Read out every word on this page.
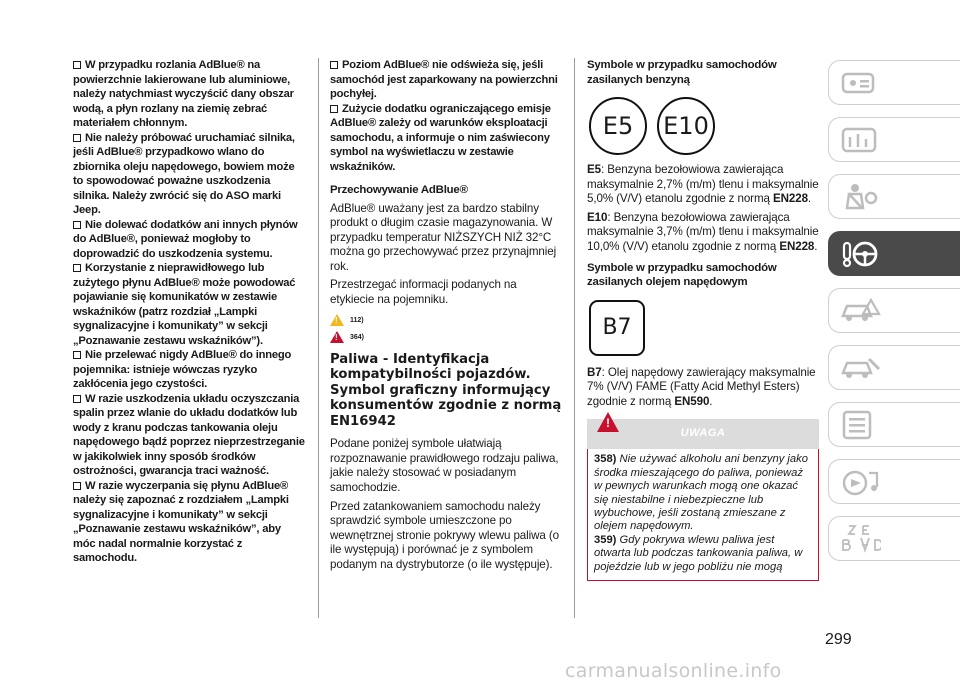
W przypadku rozlania AdBlue® na powierzchnie lakierowane lub aluminiowe, należy natychmiast wyczyścić dany obszar wodą, a płyn rozlany na ziemię zebrać materiałem chłonnym.
Nie należy próbować uruchamiać silnika, jeśli AdBlue® przypadkowo wlano do zbiornika oleju napędowego, bowiem może to spowodować poważne uszkodzenia silnika. Należy zwrócić się do ASO marki Jeep.
Nie dolewać dodatków ani innych płynów do AdBlue®, ponieważ mogłoby to doprowadzić do uszkodzenia systemu.
Korzystanie z nieprawidłowego lub zużytego płynu AdBlue® może powodować pojawianie się komunikatów w zestawie wskaźników (patrz rozdział „Lampki sygnalizacyjne i komunikaty” w sekcji „Poznawanie zestawu wskaźników”).
Nie przelewać nigdy AdBlue® do innego pojemnika: istnieje wówczas ryzyko zakłócenia jego czystości.
W razie uszkodzenia układu oczyszczania spalin przez wlanie do układu dodatków lub wody z kranu podczas tankowania oleju napędowego bądź poprzez nieprzestrzeganie w jakikolwiek inny sposób środków ostrożności, gwarancja traci ważność.
W razie wyczerpania się płynu AdBlue® należy się zapoznać z rozdziałem „Lampki sygnalizacyjne i komunikaty” w sekcji „Poznawanie zestawu wskaźników”, aby móc nadal normalnie korzystać z samochodu.
Poziom AdBlue® nie odświeża się, jeśli samochód jest zaparkowany na powierzchni pochyłej.
Zużycie dodatku ograniczającego emisje AdBlue® zależy od warunków eksploatacji samochodu, a informuje o nim zaświecony symbol na wyświetlaczu w zestawie wskaźników.
Przechowywanie AdBlue®

AdBlue® uważany jest za bardzo stabilny produkt o długim czasie magazynowania. W przypadku temperatur NIŻSZYCH NIŻ 32°C można go przechowywać przez przynajmniej rok.

Przestrzegać informacji podanych na etykiecie na pojemniku.

! 112)
! 364)
Paliwa - Identyfikacja kompatybilności pojazdów. Symbol graficzny informujący konsumentów zgodnie z normą EN16942

Podane poniżej symbole ułatwiają rozpoznawanie prawidłowego rodzaju paliwa, jakie należy stosować w posiadanym samochodzie.

Przed zatankowaniem samochodu należy sprawdzić symbole umieszczone po wewnętrznej stronie pokrywy wlewu paliwa (o ile występują) i porównać je z symbolem podanym na dystrybutorze (o ile występuje).

Symbole w przypadku samochodów zasilanych benzyną
E5	E10

E5: Benzyna bezołowiowa zawierająca maksymalnie 2,7% (m/m) tlenu i maksymalnie 5,0% (V/V) etanolu zgodnie z normą EN228.

E10: Benzyna bezołowiowa zawierająca maksymalnie 3,7% (m/m) tlenu i maksymalnie 10,0% (V/V) etanolu zgodnie z normą EN228.

Symbole w przypadku samochodów zasilanych olejem napędowym
B7

B7: Olej napędowy zawierający maksymalnie 7% (V/V) FAME (Fatty Acid Methyl Esters) zgodnie z normą EN590.

!
UWAGA
358) Nie używać alkoholu ani benzyny jako środka mieszającego do paliwa, ponieważ w pewnych warunkach mogą one okazać się niestabilne i niebezpieczne lub wybuchowe, jeśli zostaną zmieszane z olejem napędowym.
359) Gdy pokrywa wlewu paliwa jest otwarta lub podczas tankowania paliwa, w pojeździe lub w jego pobliżu nie mogą
299
carmanualsonline.info
